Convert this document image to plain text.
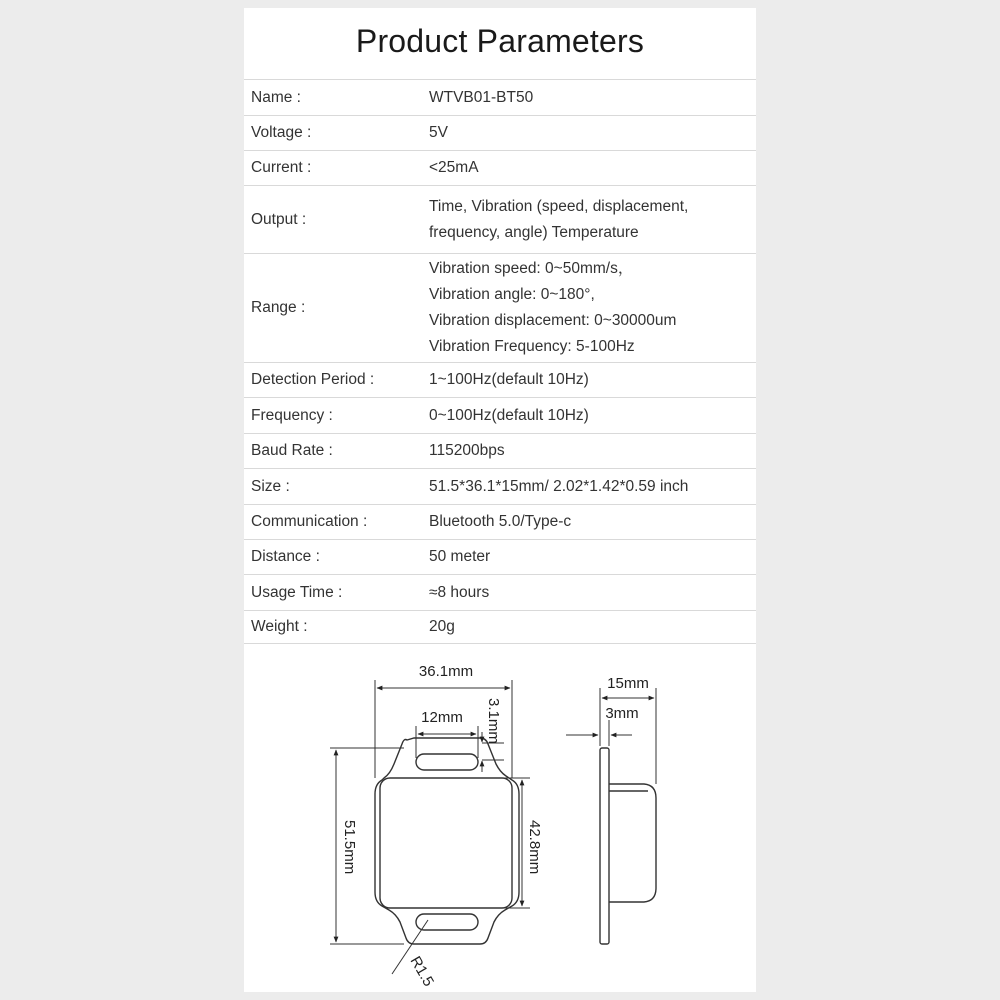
Product Parameters
Name :	WTVB01-BT50
Voltage :	5V
Current :	<25mA
Output :
Time, Vibration (speed, displacement,
frequency, angle) Temperature
Range :
Vibration speed: 0~50mm/s，
Vibration angle: 0~180°,
Vibration displacement: 0~30000um
Vibration Frequency: 5-100Hz
Detection Period :	1~100Hz(default 10Hz)
Frequency :	0~100Hz(default 10Hz)
Baud Rate :	115200bps
Size :	51.5*36.1*15mm/ 2.02*1.42*0.59 inch
Communication :	Bluetooth 5.0/Type-c
Distance :	50 meter
Usage Time :	≈8 hours
Weight :	20g
36.1mm
12mm 3.1mm
51.5mm	42.8mm
R1.5
15mm
3mm
